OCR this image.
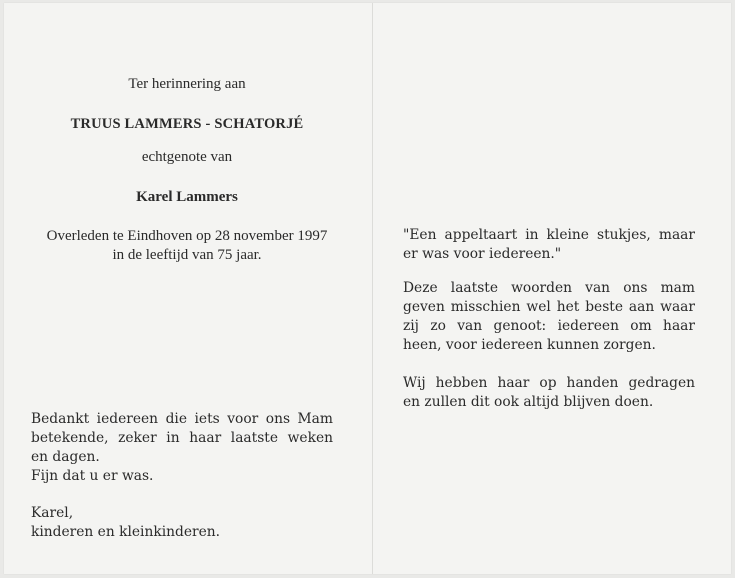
Ter herinnering aan
TRUUS LAMMERS - SCHATORJÉ
echtgenote van
Karel Lammers
Overleden te Eindhoven op 28 november 1997
in de leeftijd van 75 jaar.
Bedankt iedereen die iets voor ons Mam
betekende, zeker in haar laatste weken
en dagen.
Fijn dat u er was.
Karel,
kinderen en kleinkinderen.
"Een appeltaart in kleine stukjes, maar
er was voor iedereen."
Deze laatste woorden van ons mam
geven misschien wel het beste aan waar
zij zo van genoot: iedereen om haar
heen, voor iedereen kunnen zorgen.
Wij hebben haar op handen gedragen
en zullen dit ook altijd blijven doen.
